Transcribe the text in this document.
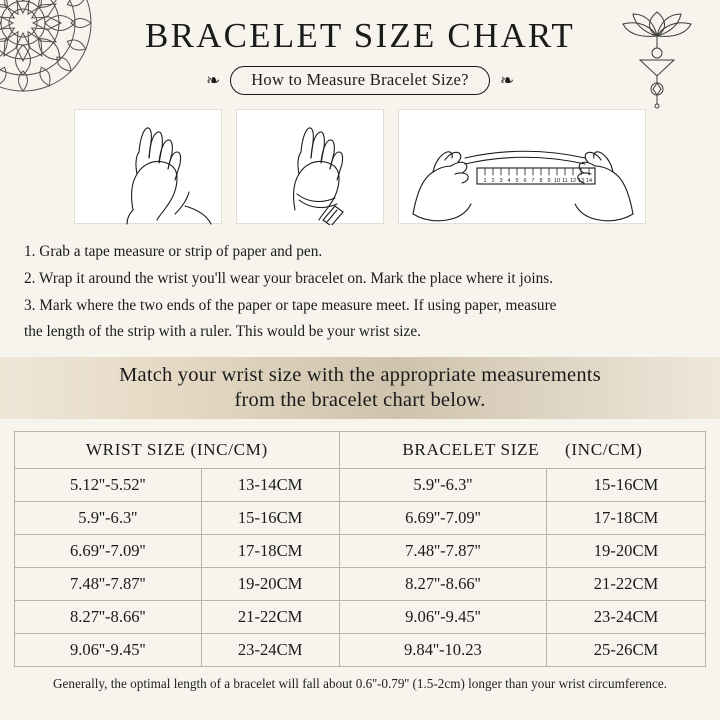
BRACELET SIZE CHART
❧	How to Measure Bracelet Size?	❧
1 2 3 4 5 6 7 8 9 10 11 12 13 14
1. Grab a tape measure or strip of paper and pen.
2. Wrap it around the wrist you'll wear your bracelet on. Mark the place where it joins.
3. Mark where the two ends of the paper or tape measure meet. If using paper, measure
the length of the strip with a ruler. This would be your wrist size.
Match your wrist size with the appropriate measurements
from the bracelet chart below.
WRIST SIZE (INC/CM)		BRACELET SIZE (INC/CM)	
5.12''-5.52''	13-14CM	5.9''-6.3''	15-16CM
5.9''-6.3''	15-16CM	6.69''-7.09''	17-18CM
6.69''-7.09''	17-18CM	7.48''-7.87''	19-20CM
7.48''-7.87''	19-20CM	8.27''-8.66''	21-22CM
8.27''-8.66''	21-22CM	9.06''-9.45''	23-24CM
9.06''-9.45''	23-24CM	9.84''-10.23	25-26CM
Generally, the optimal length of a bracelet will fall about 0.6''-0.79'' (1.5-2cm) longer than your wrist circumference.
